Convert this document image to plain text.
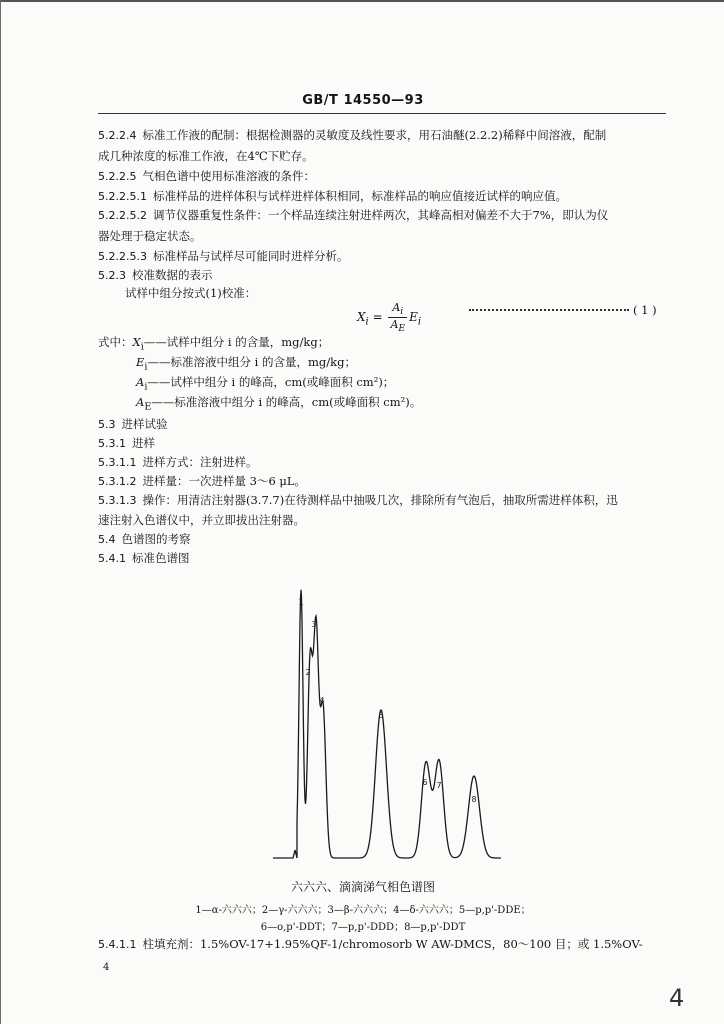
GB/T 14550—93
5.2.2.4 标准工作液的配制：根据检测器的灵敏度及线性要求，用石油醚(2.2.2)稀释中间溶液，配制
成几种浓度的标准工作液，在4℃下贮存。
5.2.2.5 气相色谱中使用标准溶液的条件：
5.2.2.5.1 标准样品的进样体积与试样进样体积相同，标准样品的响应值接近试样的响应值。
5.2.2.5.2 调节仪器重复性条件：一个样品连续注射进样两次，其峰高相对偏差不大于7%，即认为仪
器处理于稳定状态。
5.2.2.5.3 标准样品与试样尽可能同时进样分析。
5.2.3 校准数据的表示
试样中组分按式(1)校准：
$X_i = \frac{A_i}{A_E} E_i$
( 1 )
式中：$X_i——$试样中组分 i 的含量，mg/kg；
$E_i——$标准溶液中组分 i 的含量，mg/kg；
$A_i——$试样中组分 i 的峰高，cm(或峰面积 cm²)；
$A_E——$标准溶液中组分 i 的峰高，cm(或峰面积 cm²)。
5.3 进样试验
5.3.1 进样
5.3.1.1 进样方式：注射进样。
5.3.1.2 进样量：一次进样量 3～6 μL。
5.3.1.3 操作：用清洁注射器(3.7.7)在待测样品中抽吸几次，排除所有气泡后，抽取所需进样体积，迅
速注射入色谱仪中，并立即拔出注射器。
5.4 色谱图的考察
5.4.1 标准色谱图
1
2
3
4
5
6 7
8
六六六、滴滴涕气相色谱图
1—α-六六六；2—γ-六六六；3—β-六六六；4—δ-六六六；5—p,p'-DDE；
6—o,p'-DDT；7—p,p'-DDD；8—p,p'-DDT
5.4.1.1 柱填充剂：1.5%OV-17+1.95%QF-1/chromosorb W AW-DMCS，80～100 目；或 1.5%OV-
4
4
